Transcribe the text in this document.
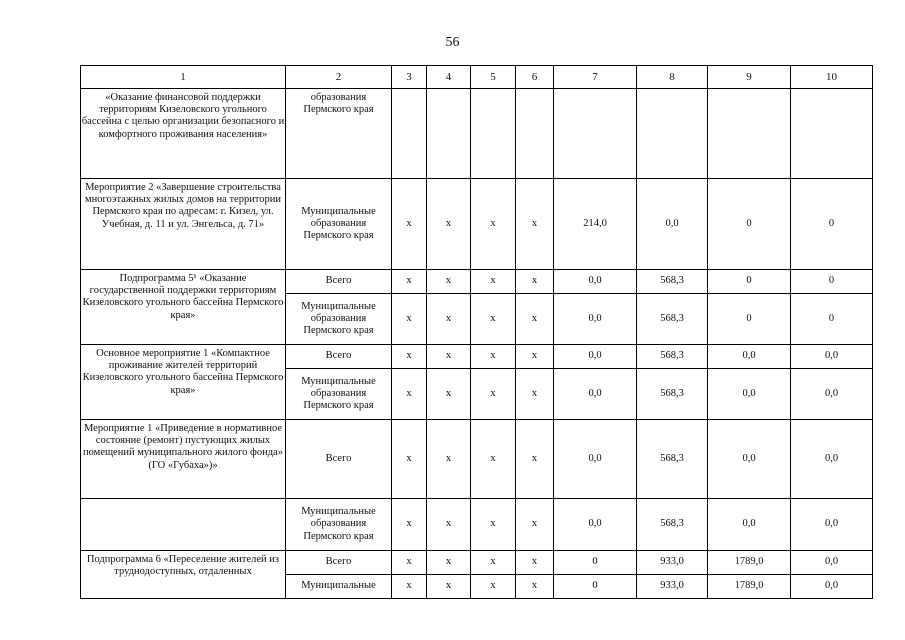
56
1	2	3	4	5	6	7	8	9	10
«Оказание финансовой поддержки территориям Кизеловского угольного бассейна с целью организации безопасного и комфортного проживания населения»	образования Пермского края								
Мероприятие 2 «Завершение строительства многоэтажных жилых домов на территории Пермского края по адресам: г. Кизел, ул. Учебная, д. 11 и ул. Энгельса, д. 71»	Муниципальные образования Пермского края	х	х	х	х	214,0	0,0	0	0
Подпрограмма 5¹ «Оказание государственной поддержки территориям Кизеловского угольного бассейна Пермского края»	Всего	х	х	х	х	0,0	568,3	0	0
	Муниципальные образования Пермского края	х	х	х	х	0,0	568,3	0	0
Основное мероприятие 1 «Компактное проживание жителей территорий Кизеловского угольного бассейна Пермского края»	Всего	х	х	х	х	0,0	568,3	0,0	0,0
	Муниципальные образования Пермского края	х	х	х	х	0,0	568,3	0,0	0,0
Мероприятие 1 «Приведение в нормативное состояние (ремонт) пустующих жилых помещений муниципального жилого фонда» (ГО «Губаха»)»	Всего	х	х	х	х	0,0	568,3	0,0	0,0
	Муниципальные образования Пермского края	х	х	х	х	0,0	568,3	0,0	0,0
Подпрограмма 6 «Переселение жителей из труднодоступных, отдаленных	Всего	х	х	х	х	0	933,0	1789,0	0,0
	Муниципальные	х	х	х	х	0	933,0	1789,0	0,0
